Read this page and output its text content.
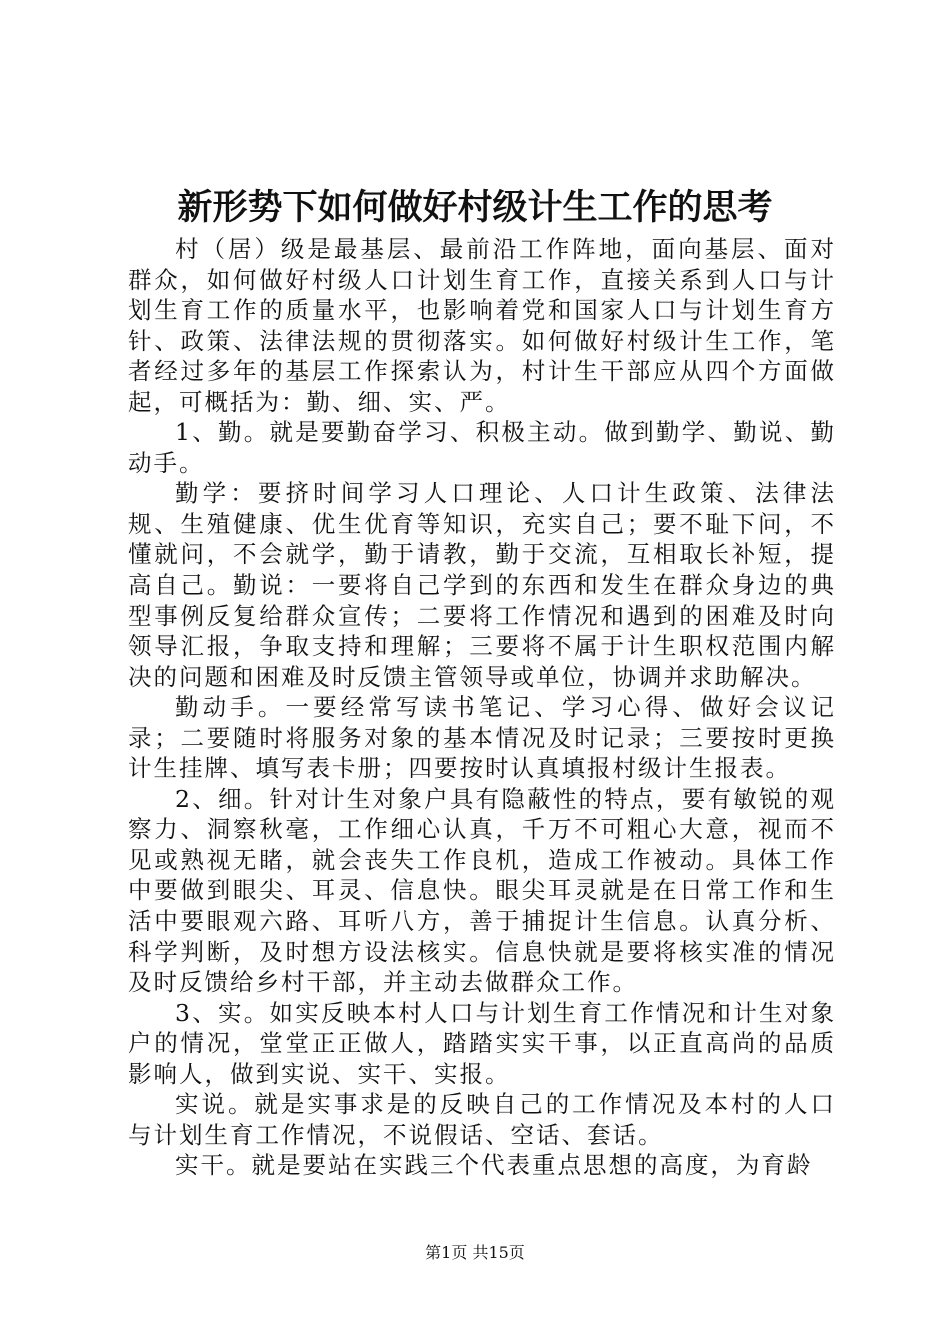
新形势下如何做好村级计生工作的思考

村（居）级是最基层、最前沿工作阵地，面向基层、面对群众，如何做好村级人口计划生育工作，直接关系到人口与计划生育工作的质量水平，也影响着党和国家人口与计划生育方针、政策、法律法规的贯彻落实。如何做好村级计生工作，笔者经过多年的基层工作探索认为，村计生干部应从四个方面做起，可概括为：勤、细、实、严。

1、勤。就是要勤奋学习、积极主动。做到勤学、勤说、勤动手。

勤学：要挤时间学习人口理论、人口计生政策、法律法规、生殖健康、优生优育等知识，充实自己；要不耻下问，不懂就问，不会就学，勤于请教，勤于交流，互相取长补短，提高自己。勤说：一要将自己学到的东西和发生在群众身边的典型事例反复给群众宣传；二要将工作情况和遇到的困难及时向领导汇报，争取支持和理解；三要将不属于计生职权范围内解决的问题和困难及时反馈主管领导或单位，协调并求助解决。

勤动手。一要经常写读书笔记、学习心得、做好会议记录；二要随时将服务对象的基本情况及时记录；三要按时更换计生挂牌、填写表卡册；四要按时认真填报村级计生报表。

2、细。针对计生对象户具有隐蔽性的特点，要有敏锐的观察力、洞察秋毫，工作细心认真，千万不可粗心大意，视而不见或熟视无睹，就会丧失工作良机，造成工作被动。具体工作中要做到眼尖、耳灵、信息快。眼尖耳灵就是在日常工作和生活中要眼观六路、耳听八方，善于捕捉计生信息。认真分析、科学判断，及时想方设法核实。信息快就是要将核实准的情况及时反馈给乡村干部，并主动去做群众工作。

3、实。如实反映本村人口与计划生育工作情况和计生对象户的情况，堂堂正正做人，踏踏实实干事，以正直高尚的品质影响人，做到实说、实干、实报。

实说。就是实事求是的反映自己的工作情况及本村的人口与计划生育工作情况，不说假话、空话、套话。

实干。就是要站在实践三个代表重点思想的高度，为育龄

第1页 共15页
